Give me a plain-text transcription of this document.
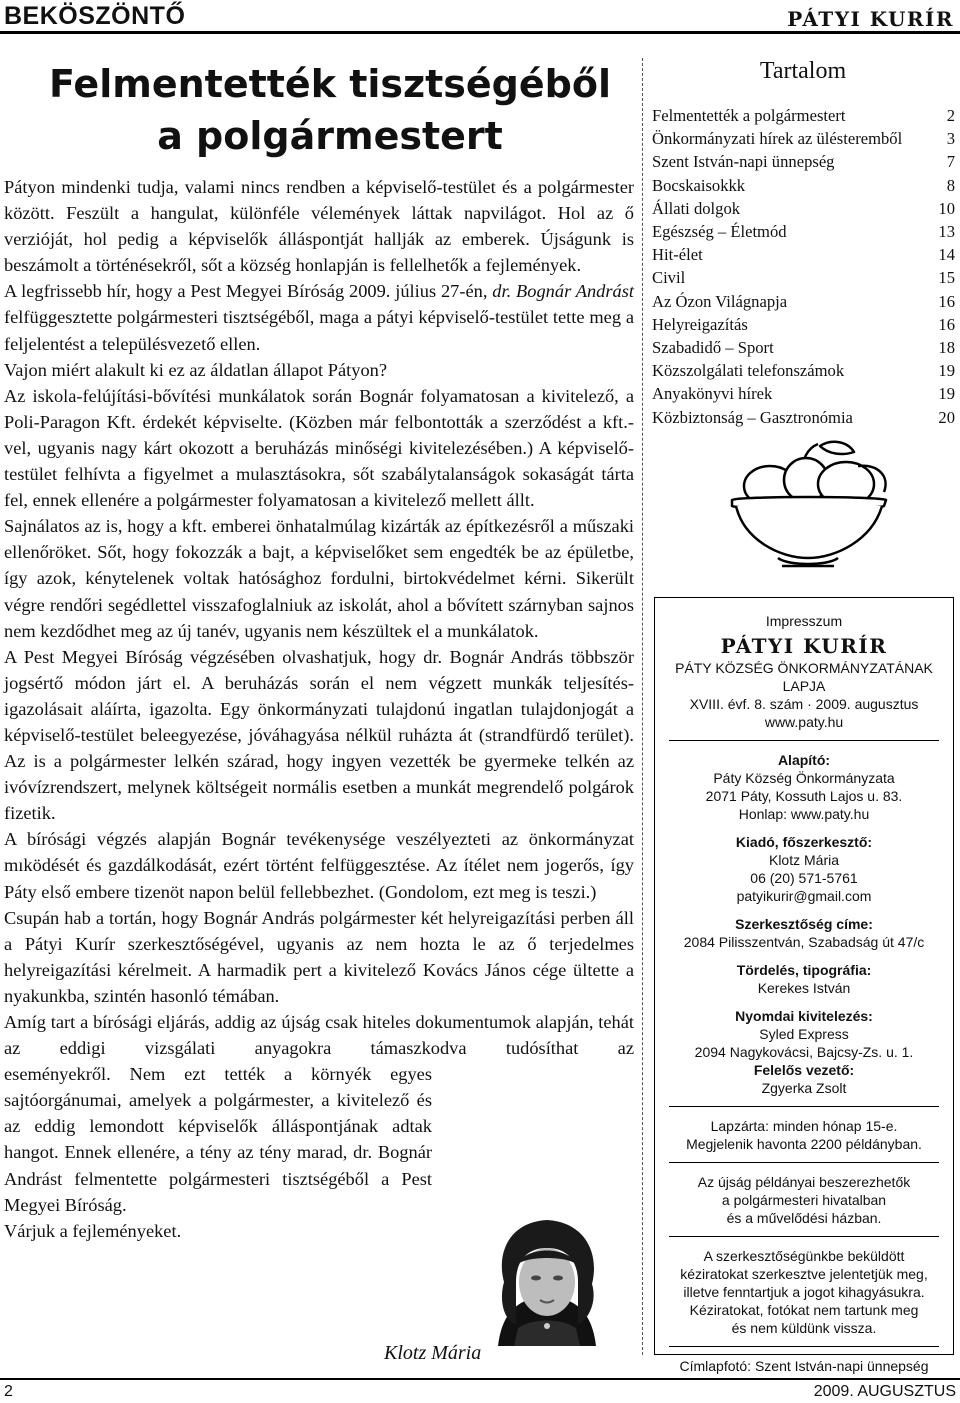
BEKÖSZÖNTŐ	PÁTYI KURÍR
Felmentették tisztségéből
a polgármestert

Pátyon mindenki tudja, valami nincs rendben a képviselő-testület és a polgármester között. Feszült a hangulat, különféle vélemények láttak napvilágot. Hol az ő verzióját, hol pedig a képviselők álláspontját hallják az emberek. Újságunk is beszámolt a történésekről, sőt a község honlapján is fellelhetők a fejlemények.

A legfrissebb hír, hogy a Pest Megyei Bíróság 2009. július 27-én, dr. Bognár Andrást felfüggesztette polgármesteri tisztségéből, maga a pátyi képviselő-testület tette meg a feljelentést a településvezető ellen.

Vajon miért alakult ki ez az áldatlan állapot Pátyon?

Az iskola-felújítási-bővítési munkálatok során Bognár folyamatosan a kivitelező, a Poli-Paragon Kft. érdekét képviselte. (Közben már felbontották a szerződést a kft.-vel, ugyanis nagy kárt okozott a beruházás minőségi kivitelezésében.) A képviselő-testület felhívta a figyelmet a mulasztásokra, sőt szabálytalanságok sokaságát tárta fel, ennek ellenére a polgármester folyamatosan a kivitelező mellett állt.

Sajnálatos az is, hogy a kft. emberei önhatalmúlag kizárták az építkezésről a műszaki ellenőröket. Sőt, hogy fokozzák a bajt, a képviselőket sem engedték be az épületbe, így azok, kénytelenek voltak hatósághoz fordulni, birtokvédelmet kérni. Sikerült végre rendőri segédlettel visszafoglalniuk az iskolát, ahol a bővített szárnyban sajnos nem kezdődhet meg az új tanév, ugyanis nem készültek el a munkálatok.

A Pest Megyei Bíróság végzésében olvashatjuk, hogy dr. Bognár András többször jogsértő módon járt el. A beruházás során el nem végzett munkák teljesítés-igazolásait aláírta, igazolta. Egy önkormányzati tulajdonú ingatlan tulajdonjogát a képviselő-testület beleegyezése, jóváhagyása nélkül ruházta át (strandfürdő terület). Az is a polgármester lelkén szárad, hogy ingyen vezették be gyermeke telkén az ivóvízrendszert, melynek költségeit normális esetben a munkát megrendelő polgárok fizetik.

A bírósági végzés alapján Bognár tevékenysége veszélyezteti az önkormányzat mıködését és gazdálkodását, ezért történt felfüggesztése. Az ítélet nem jogerős, így Páty első embere tizenöt napon belül fellebbezhet. (Gondolom, ezt meg is teszi.)

Csupán hab a tortán, hogy Bognár András polgármester két helyreigazítási perben áll a Pátyi Kurír szerkesztőségével, ugyanis az nem hozta le az ő terjedelmes helyreigazítási kérelmeit. A harmadik pert a kivitelező Kovács János cége ültette a nyakunkba, szintén hasonló témában.

Amíg tart a bírósági eljárás, addig az újság csak hiteles dokumentumok alapján, tehát az eddigi vizsgálati anyagokra támaszkodva tudósíthat az

eseményekről. Nem ezt tették a környék egyes sajtóorgánumai, amelyek a polgármester, a kivitelező és az eddig lemondott képviselők álláspontjának adtak hangot. Ennek ellenére, a tény az tény marad, dr. Bognár Andrást felmentette polgármesteri tisztségéből a Pest Megyei Bíróság.

Várjuk a fejleményeket.

Klotz Mária
Tartalom
Felmentették a polgármestert	2
Önkormányzati hírek az ülésteremből	3
Szent István-napi ünnepség	7
Bocskaisokkk	8
Állati dolgok	10
Egészség – Életmód	13
Hit-élet	14
Civil	15
Az Ózon Világnapja	16
Helyreigazítás	16
Szabadidő – Sport	18
Közszolgálati telefonszámok	19
Anyakönyvi hírek	19
Közbiztonság – Gasztronómia	20
Impresszum
PÁTYI KURÍR
PÁTY KÖZSÉG ÖNKORMÁNYZATÁNAK
LAPJA
XVIII. évf. 8. szám · 2009. augusztus
www.paty.hu
Alapító:
Páty Község Önkormányzata
2071 Páty, Kossuth Lajos u. 83.
Honlap: www.paty.hu
Kiadó, főszerkesztő:
Klotz Mária
06 (20) 571-5761
patyikurir@gmail.com
Szerkesztőség címe:
2084 Pilisszentván, Szabadság út 47/c
Tördelés, tipográfia:
Kerekes István
Nyomdai kivitelezés:
Syled Express
2094 Nagykovácsi, Bajcsy-Zs. u. 1.
Felelős vezető:
Zgyerka Zsolt
Lapzárta: minden hónap 15-e.
Megjelenik havonta 2200 példányban.
Az újság példányai beszerezhetők
a polgármesteri hivatalban
és a művelődési házban.
A szerkesztőségünkbe beküldött
kéziratokat szerkesztve jelentetjük meg,
illetve fenntartjuk a jogot kihagyásukra.
Kéziratokat, fotókat nem tartunk meg
és nem küldünk vissza.
Címlapfotó: Szent István-napi ünnepség
2	2009. AUGUSZTUS
